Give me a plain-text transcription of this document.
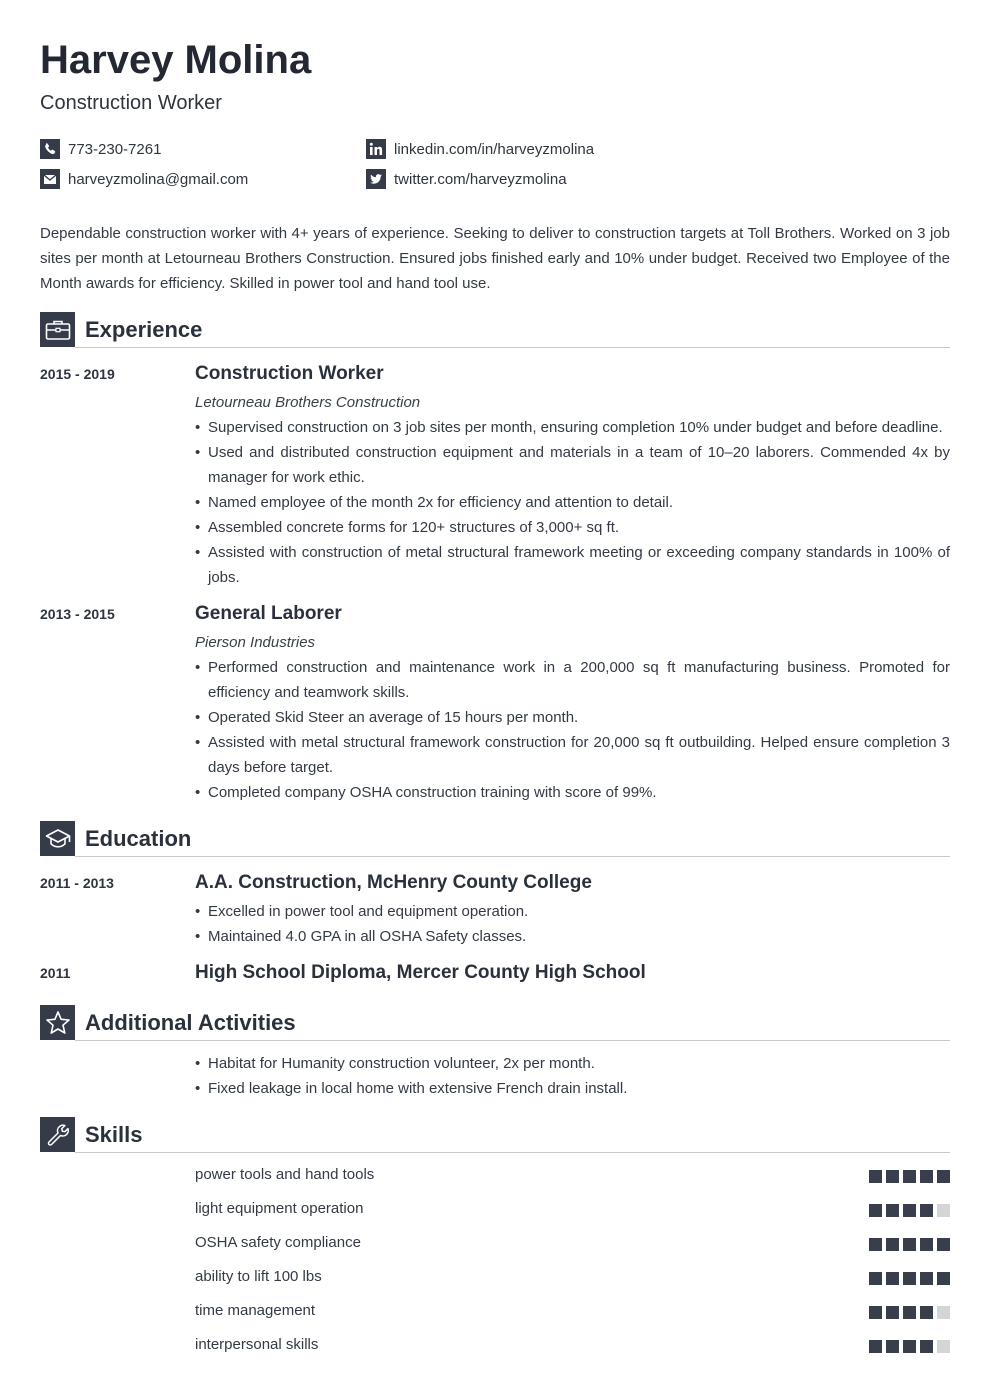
Harvey Molina
Construction Worker
773-230-7261
harveyzmolina@gmail.com
linkedin.com/in/harveyzmolina
twitter.com/harveyzmolina

Dependable construction worker with 4+ years of experience. Seeking to deliver to construction targets at Toll Brothers. Worked on 3 job sites per month at Letourneau Brothers Construction. Ensured jobs finished early and 10% under budget. Received two Employee of the Month awards for efficiency. Skilled in power tool and hand tool use.

Experience
2015 - 2019	Construction Worker
Letourneau Brothers Construction
• Supervised construction on 3 job sites per month, ensuring completion 10% under budget and before deadline.
• Used and distributed construction equipment and materials in a team of 10–20 laborers. Commended 4x by manager for work ethic.
• Named employee of the month 2x for efficiency and attention to detail.
• Assembled concrete forms for 120+ structures of 3,000+ sq ft.
• Assisted with construction of metal structural framework meeting or exceeding company standards in 100% of jobs.
2013 - 2015	General Laborer
Pierson Industries
• Performed construction and maintenance work in a 200,000 sq ft manufacturing business. Promoted for efficiency and teamwork skills.
• Operated Skid Steer an average of 15 hours per month.
• Assisted with metal structural framework construction for 20,000 sq ft outbuilding. Helped ensure completion 3 days before target.
• Completed company OSHA construction training with score of 99%.
Education
2011 - 2013	A.A. Construction, McHenry County College
• Excelled in power tool and equipment operation.
• Maintained 4.0 GPA in all OSHA Safety classes.
2011	High School Diploma, Mercer County High School
Additional Activities
• Habitat for Humanity construction volunteer, 2x per month.
• Fixed leakage in local home with extensive French drain install.
Skills
power tools and hand tools
light equipment operation
OSHA safety compliance
ability to lift 100 lbs
time management
interpersonal skills
